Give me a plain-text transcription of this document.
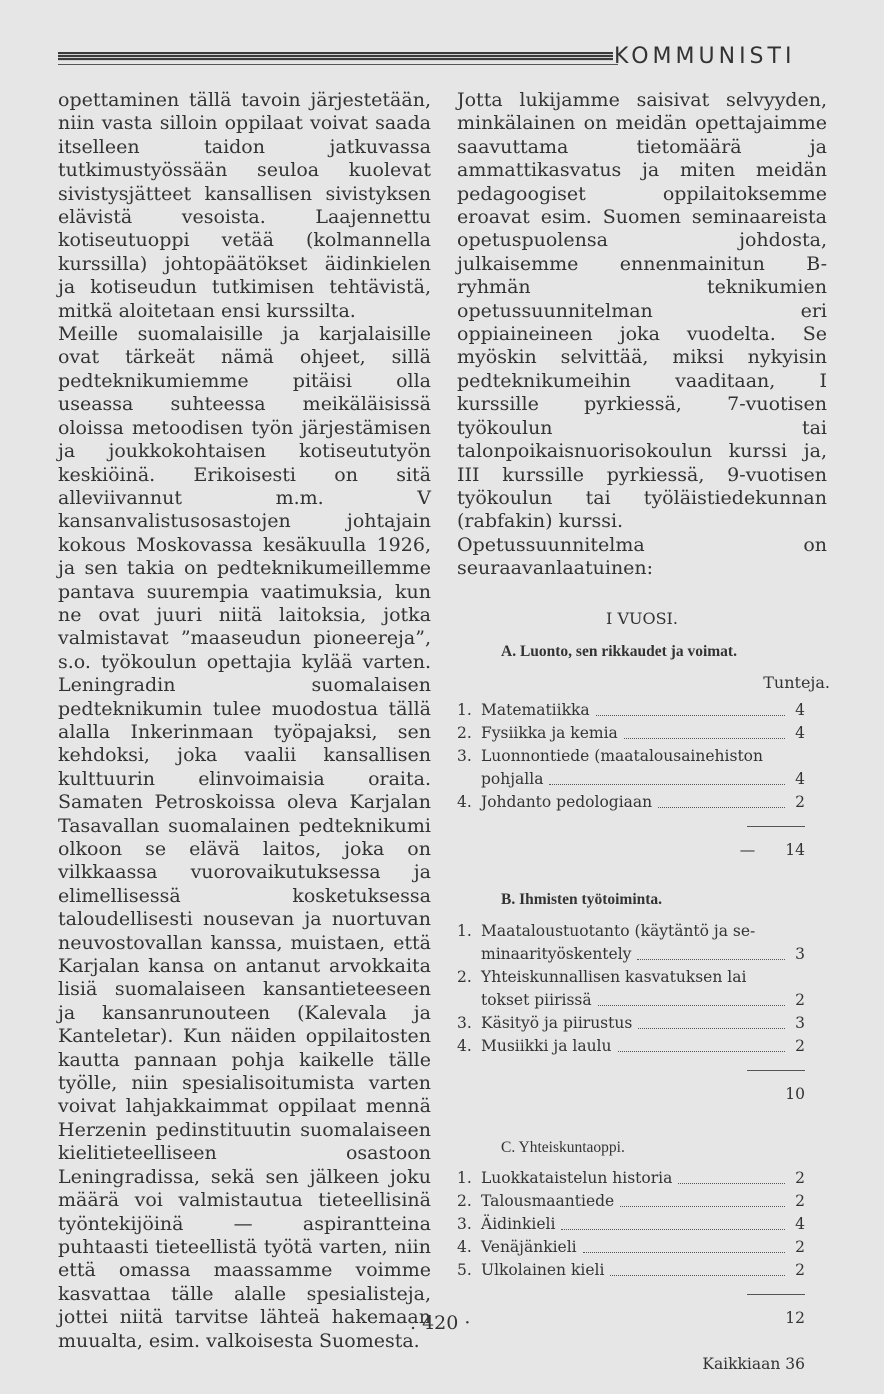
KOMMUNISTI

opettaminen tällä tavoin järjestetään, niin vasta silloin oppilaat voivat saada itselleen taidon jatkuvassa tutkimustyössään seuloa kuolevat sivistysjätteet kansallisen sivistyksen elävistä vesoista. Laajennettu kotiseutuoppi vetää (kolmannella kurssilla) johtopäätökset äidinkielen ja kotiseudun tutkimisen tehtävistä, mitkä aloitetaan ensi kurssilta.

Meille suomalaisille ja karjalaisille ovat tärkeät nämä ohjeet, sillä pedteknikumiemme pitäisi olla useassa suhteessa meikäläisissä oloissa metoodisen työn järjestämisen ja joukkokohtaisen kotiseututyön keskiöinä. Erikoisesti on sitä alleviivannut m.m. V kansanvalistusosastojen johtajain kokous Moskovassa kesäkuulla 1926, ja sen takia on pedteknikumeillemme pantava suurempia vaatimuksia, kun ne ovat juuri niitä laitoksia, jotka valmistavat ”maaseudun pioneereja”, s.o. työkoulun opettajia kylää varten. Leningradin suomalaisen pedteknikumin tulee muodostua tällä alalla Inkerinmaan työpajaksi, sen kehdoksi, joka vaalii kansallisen kulttuurin elinvoimaisia oraita. Samaten Petroskoissa oleva Karjalan Tasavallan suomalainen pedteknikumi olkoon se elävä laitos, joka on vilkkaassa vuorovaikutuksessa ja elimellisessä kosketuksessa taloudellisesti nousevan ja nuortuvan neuvostovallan kanssa, muistaen, että Karjalan kansa on antanut arvokkaita lisiä suomalaiseen kansantieteeseen ja kansanrunouteen (Kalevala ja Kanteletar). Kun näiden oppilaitosten kautta pannaan pohja kaikelle tälle työlle, niin spesialisoitumista varten voivat lahjakkaimmat oppilaat mennä Herzenin pedinstituutin suomalaiseen kielitieteelliseen osastoon Leningradissa, sekä sen jälkeen joku määrä voi valmistautua tieteellisinä työntekijöinä — aspirantteina puhtaasti tieteellistä työtä varten, niin että omassa maassamme voimme kasvattaa tälle alalle spesialisteja, jottei niitä tarvitse lähteä hakemaan muualta, esim. valkoisesta Suomesta.

Jotta lukijamme saisivat selvyyden, minkälainen on meidän opettajaimme saavuttama tietomäärä ja ammattikasvatus ja miten meidän pedagoogiset oppilaitoksemme eroavat esim. Suomen seminaareista opetuspuolensa johdosta, julkaisemme ennenmainitun B-ryhmän teknikumien opetussuunnitelman eri oppiaineineen joka vuodelta. Se myöskin selvittää, miksi nykyisin pedteknikumeihin vaaditaan, I kurssille pyrkiessä, 7-vuotisen työkoulun tai talonpoikaisnuorisokoulun kurssi ja, III kurssille pyrkiessä, 9-vuotisen työkoulun tai työläistiedekunnan (rabfakin) kurssi.

Opetussuunnitelma on seuraavanlaatuinen:

I VUOSI.
A. Luonto, sen rikkaudet ja voimat.
Tunteja.
1. Matematiikka	4
2. Fysiikka ja kemia	4
3. Luonnontiede (maatalousainehiston
pohjalla	4
4. Johdanto pedologiaan	2
— 14
B. Ihmisten työtoiminta.
1. Maataloustuotanto (käytäntö ja se-
minaarityöskentely	3
2. Yhteiskunnallisen kasvatuksen lai
tokset piirissä	2
3. Käsityö ja piirustus	3
4. Musiikki ja laulu	2
10
C. Yhteiskuntaoppi.
1. Luokkataistelun historia	2
2. Talousmaantiede	2
3. Äidinkieli	4
4. Venäjänkieli	2
5. Ulkolainen kieli	2
12
Kaikkiaan 36
. 420 ·
